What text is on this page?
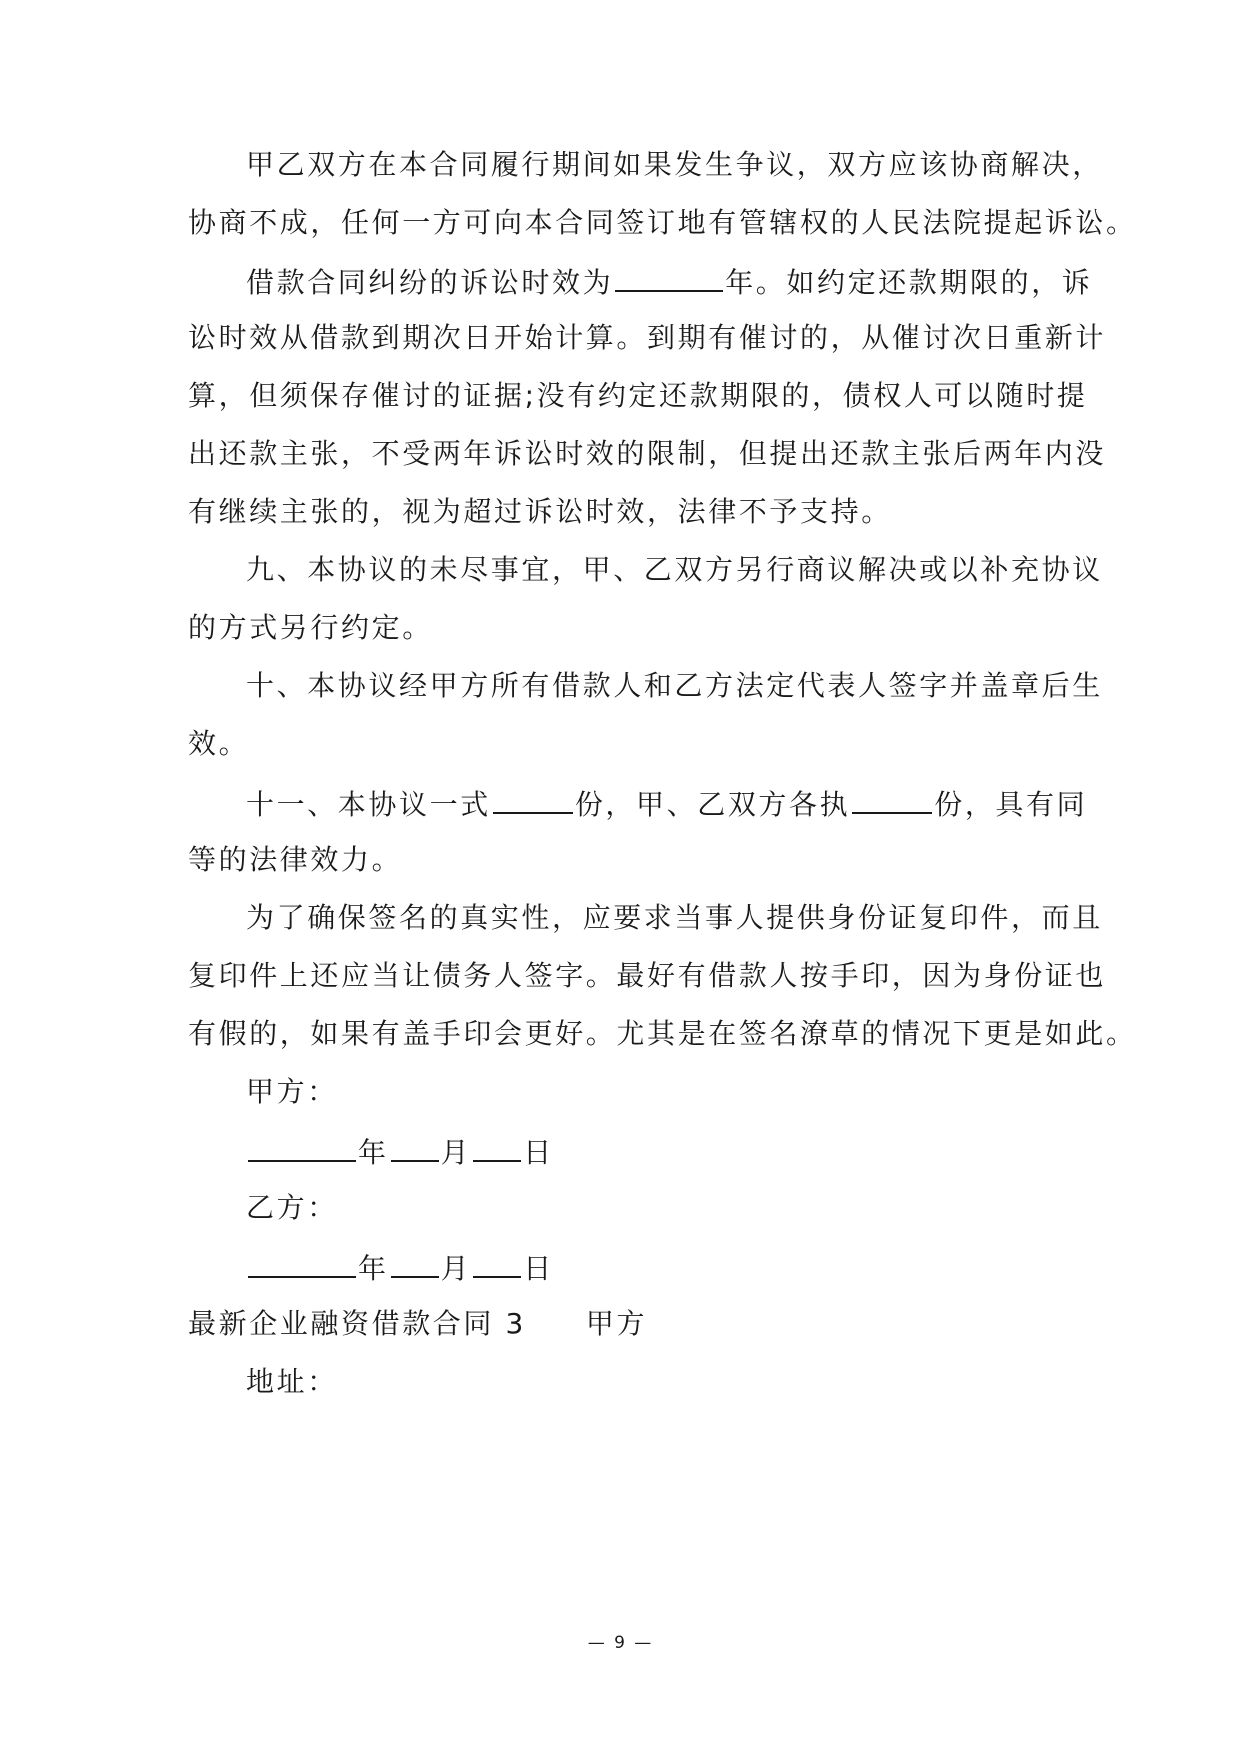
甲乙双方在本合同履行期间如果发生争议，双方应该协商解决，
协商不成，任何一方可向本合同签订地有管辖权的人民法院提起诉讼。
借款合同纠纷的诉讼时效为	年。如约定还款期限的，诉
讼时效从借款到期次日开始计算。到期有催讨的，从催讨次日重新计
算，但须保存催讨的证据;没有约定还款期限的，债权人可以随时提
出还款主张，不受两年诉讼时效的限制，但提出还款主张后两年内没
有继续主张的，视为超过诉讼时效，法律不予支持。
九、本协议的未尽事宜，甲、乙双方另行商议解决或以补充协议
的方式另行约定。
十、本协议经甲方所有借款人和乙方法定代表人签字并盖章后生
效。
十一、本协议一式	份，甲、乙双方各执	份，具有同
等的法律效力。
为了确保签名的真实性，应要求当事人提供身份证复印件，而且
复印件上还应当让债务人签字。最好有借款人按手印，因为身份证也
有假的，如果有盖手印会更好。尤其是在签名潦草的情况下更是如此。
甲方：
年 月 日
乙方：
年 月 日
最新企业融资借款合同 3 甲方
地址：
— 9 —
